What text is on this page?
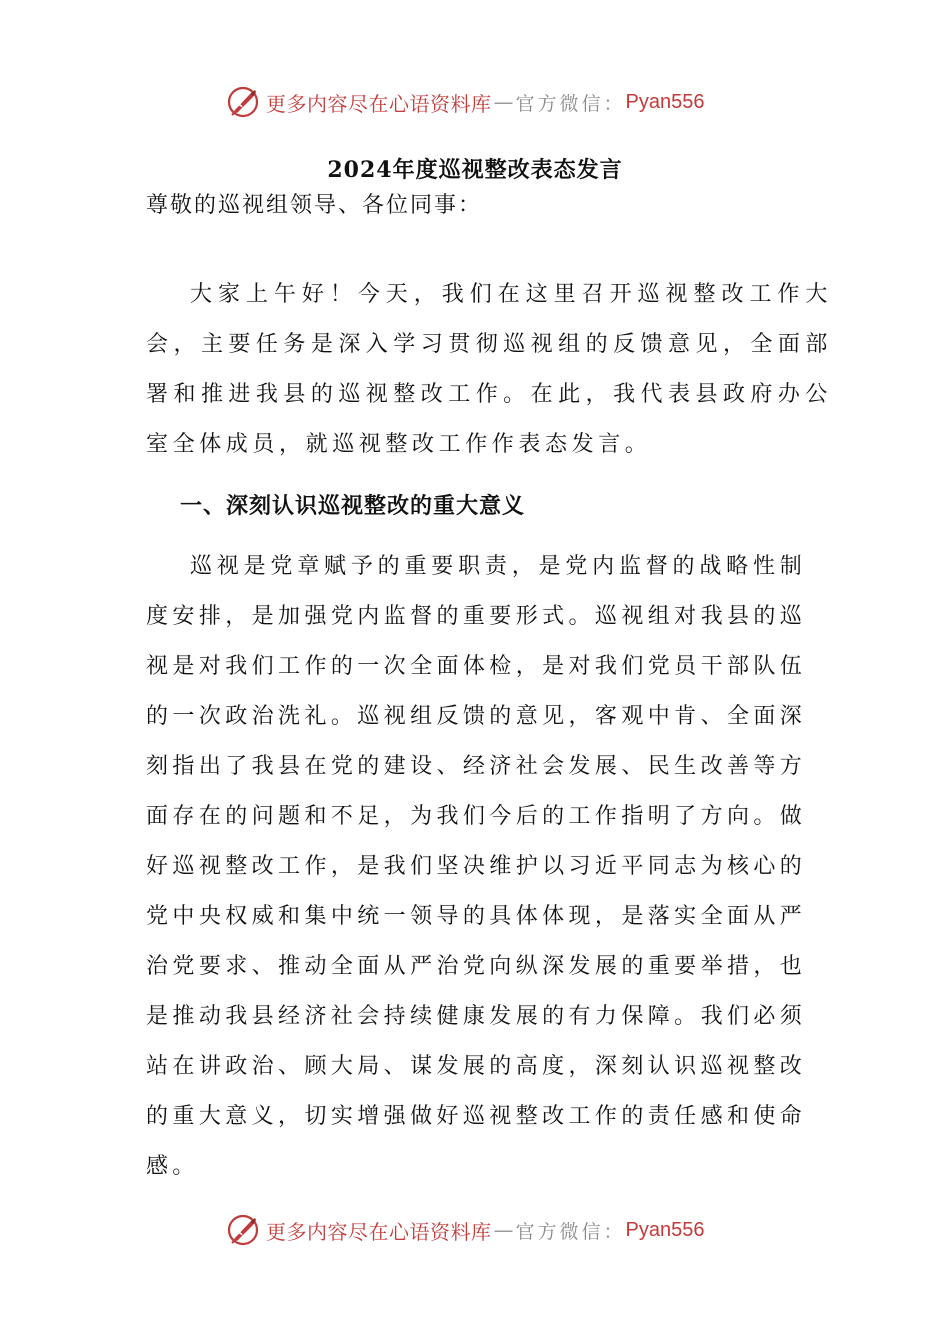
更多内容尽在心语资料库 — 官方微信： Pyan556
2024年度巡视整改表态发言
尊敬的巡视组领导、各位同事：

大家上午好！今天，我们在这里召开巡视整改工作大会，主要任务是深入学习贯彻巡视组的反馈意见，全面部署和推进我县的巡视整改工作。在此，我代表县政府办公室全体成员，就巡视整改工作作表态发言。

一、深刻认识巡视整改的重大意义

巡视是党章赋予的重要职责，是党内监督的战略性制度安排，是加强党内监督的重要形式。巡视组对我县的巡视是对我们工作的一次全面体检，是对我们党员干部队伍的一次政治洗礼。巡视组反馈的意见，客观中肯、全面深刻指出了我县在党的建设、经济社会发展、民生改善等方面存在的问题和不足，为我们今后的工作指明了方向。做好巡视整改工作，是我们坚决维护以习近平同志为核心的党中央权威和集中统一领导的具体体现，是落实全面从严治党要求、推动全面从严治党向纵深发展的重要举措，也是推动我县经济社会持续健康发展的有力保障。我们必须站在讲政治、顾大局、谋发展的高度，深刻认识巡视整改的重大意义，切实增强做好巡视整改工作的责任感和使命感。

更多内容尽在心语资料库 — 官方微信： Pyan556
